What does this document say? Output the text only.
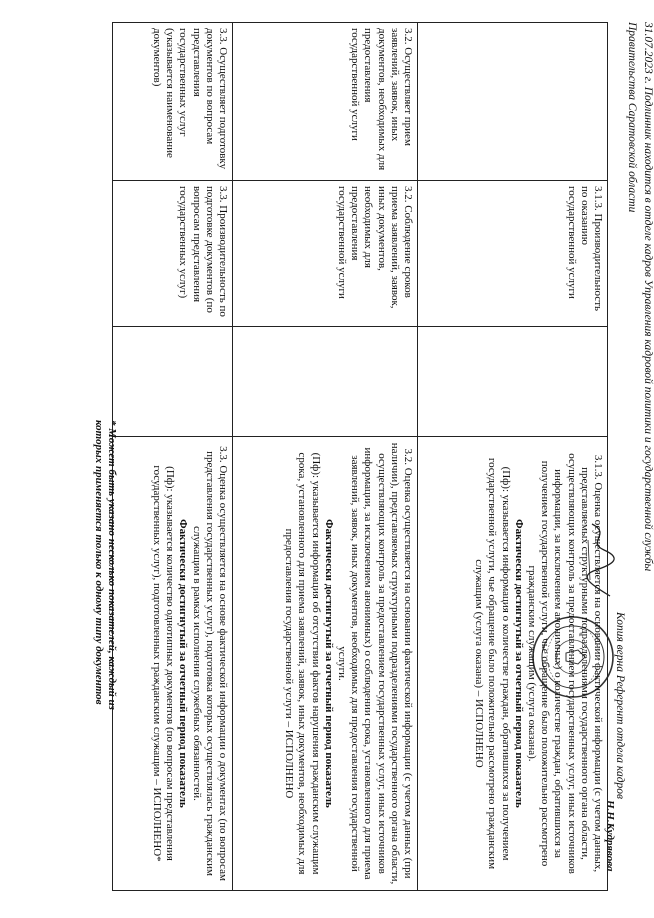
Правительства Саратовской области 31.07.2023 г. Подлинник находится в отделе кадров Управления кадровой политики и государственной службы
Копия верна Референт отдела кадров
Н.Н.Кудрявова
	3.1.3. Производительность по оказанию государственной услуги		3.1.3. Оценка осуществляется на основании фактической информации (с учетом данных, представляемых структурными подразделениями государственного органа области, осуществляющих контроль за предоставлением государственных услуг, иных источников информации, за исключением анонимных) о количестве граждан, обратившихся за получением государственной услуги, чье обращение было положительно рассмотрено гражданским служащим (услуга оказана).
Фактически достигнутый за отчетный период показатель
(Пф): указывается информация о количестве граждан, обратившихся за получением государственной услуги, чье обращение было положительно рассмотрено гражданским служащим (услуга оказана) – ИСПОЛНЕНО

3.2. Осуществляет прием заявлений, заявок, иных документов, необходимых для предоставления государственной услуги	3.2. Соблюдение сроков приема заявлений, заявок, иных документов, необходимых для предоставления государственной услуги		3.2. Оценка осуществляется на основании фактической информации (с учетом данных (при наличии), представляемых структурными подразделениями государственного органа области, осуществляющих контроль за предоставлением государственных услуг, иных источников информации, за исключением анонимных) о соблюдении срока, установленного для приема заявлений, заявок, иных документов, необходимых для предоставления государственной услуги.
Фактически достигнутый за отчетный период показатель
(Пф): указывается информация об отсутствии фактов нарушения гражданским служащим срока, установленного для приема заявлений, заявок, иных документов, необходимых для предоставления государственной услуги – ИСПОЛНЕНО

3.3. Осуществляет подготовку документов по вопросам представления государственных услуг (указывается наименование документов)	3.3. Производительность по подготовке документов (по вопросам представления государственных услуг)		3.3. Оценка осуществляется на основе фактической информации о документах (по вопросам представления государственных услуг), подготовка которых осуществлялась гражданским служащим в рамках исполнения служебных обязанностей.
Фактически достигнутый за отчетный период показатель
(Пф): указывается количество однотипных документов (по вопросам представления государственных услуг), подготовленных гражданским служащим – ИСПОЛНЕНО*
* Может быть указано несколько показателей, каждый из которых применяется только к одному типу документов
